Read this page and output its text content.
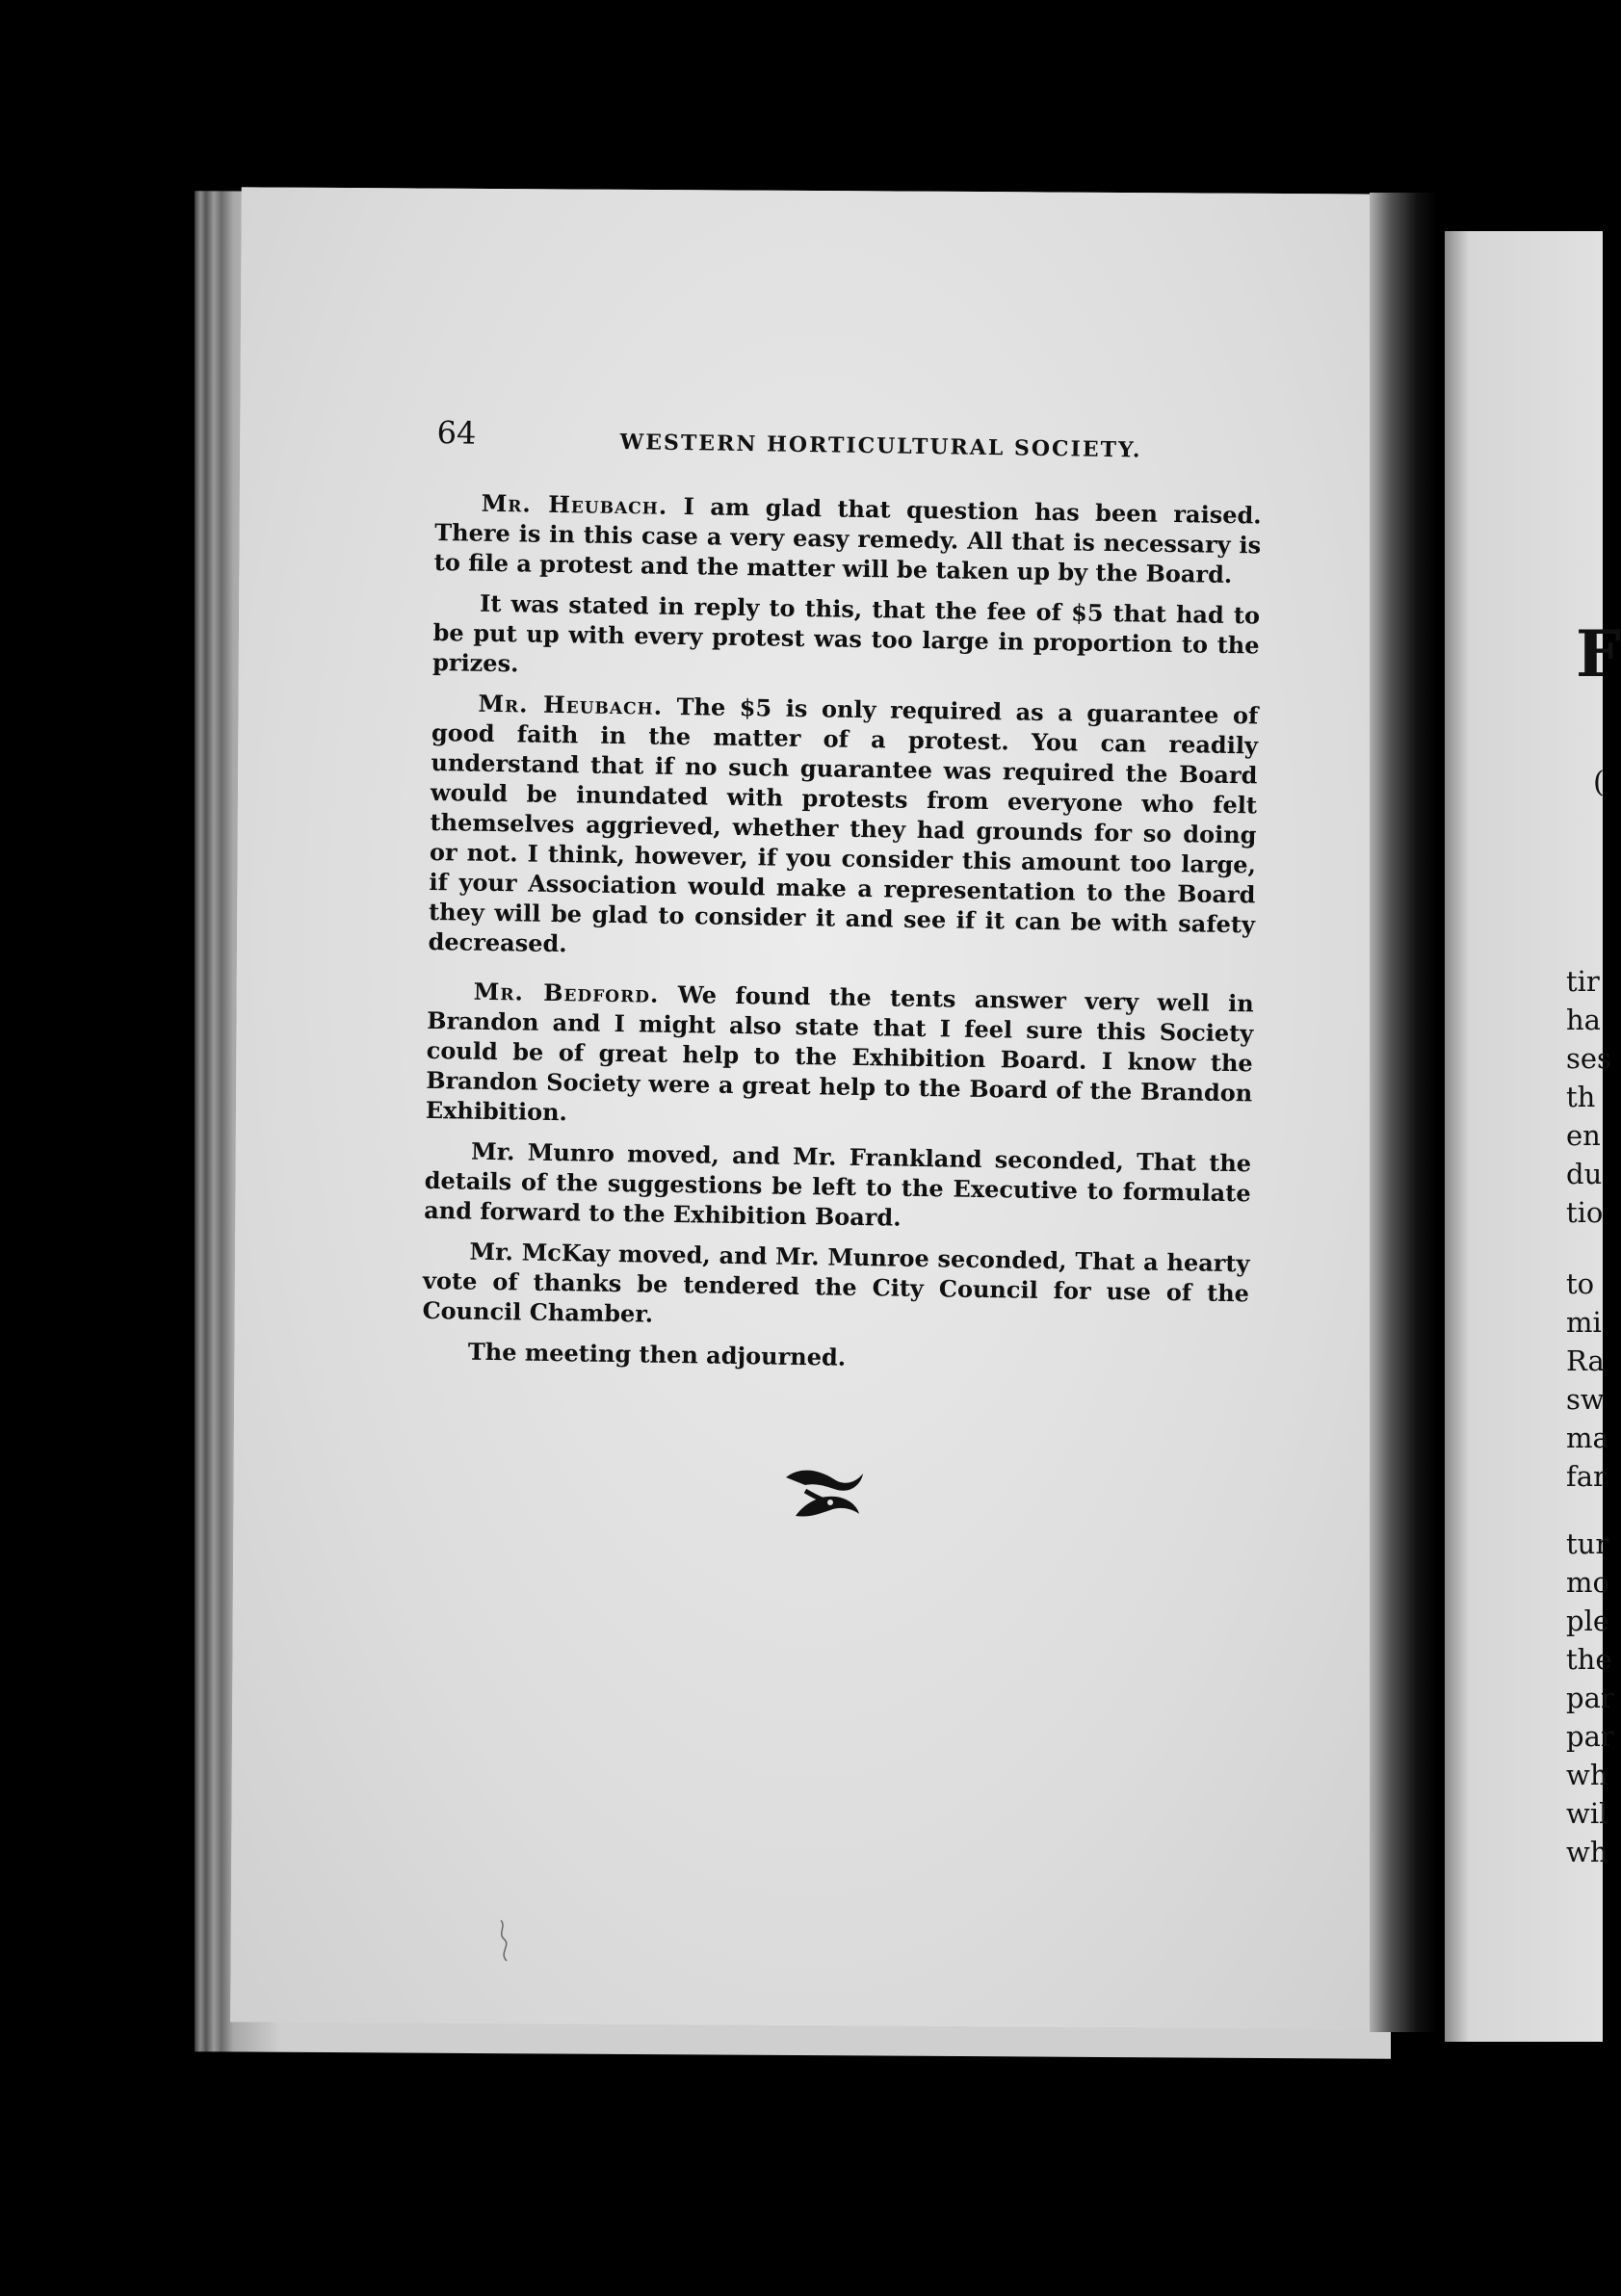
F
(
tir
ha
ses
th
en
du
tio
to
mi
Ra
sw
ma
far
tur
mo
ple
the
par
par
wh
wil
wh
64	WESTERN HORTICULTURAL SOCIETY.

Mr. Heubach. I am glad that question has been raised. There is in this case a very easy remedy. All that is necessary is to file a protest and the matter will be taken up by the Board.

It was stated in reply to this, that the fee of $5 that had to be put up with every protest was too large in proportion to the prizes.

Mr. Heubach. The $5 is only required as a guarantee of good faith in the matter of a protest. You can readily understand that if no such guarantee was required the Board would be inundated with protests from everyone who felt themselves aggrieved, whether they had grounds for so doing or not. I think, however, if you consider this amount too large, if your Association would make a representation to the Board they will be glad to consider it and see if it can be with safety decreased.

Mr. Bedford. We found the tents answer very well in Brandon and I might also state that I feel sure this Society could be of great help to the Exhibition Board. I know the Brandon Society were a great help to the Board of the Brandon Exhibition.

Mr. Munro moved, and Mr. Frankland seconded, That the details of the suggestions be left to the Executive to formulate and forward to the Exhibition Board.

Mr. McKay moved, and Mr. Munroe seconded, That a hearty vote of thanks be tendered the City Council for use of the Council Chamber.

The meeting then adjourned.
